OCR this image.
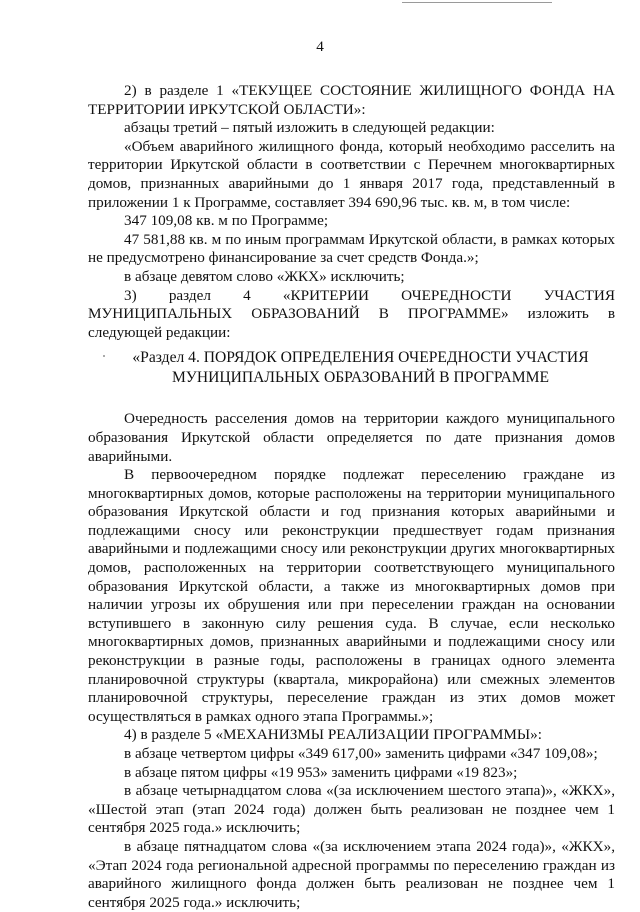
4

2) в разделе 1 «ТЕКУЩЕЕ СОСТОЯНИЕ ЖИЛИЩНОГО ФОНДА НА ТЕРРИТОРИИ ИРКУТСКОЙ ОБЛАСТИ»:

абзацы третий – пятый изложить в следующей редакции:

«Объем аварийного жилищного фонда, который необходимо расселить на территории Иркутской области в соответствии с Перечнем многоквартирных домов, признанных аварийными до 1 января 2017 года, представленный в приложении 1 к Программе, составляет 394 690,96 тыс. кв. м, в том числе:

347 109,08 кв. м по Программе;

47 581,88 кв. м по иным программам Иркутской области, в рамках которых не предусмотрено финансирование за счет средств Фонда.»;

в абзаце девятом слово «ЖКХ» исключить;

3) раздел 4 «КРИТЕРИИ ОЧЕРЕДНОСТИ УЧАСТИЯ МУНИЦИПАЛЬНЫХ ОБРАЗОВАНИЙ В ПРОГРАММЕ» изложить в следующей редакции:

«Раздел 4. ПОРЯДОК ОПРЕДЕЛЕНИЯ ОЧЕРЕДНОСТИ УЧАСТИЯ
МУНИЦИПАЛЬНЫХ ОБРАЗОВАНИЙ В ПРОГРАММЕ

Очередность расселения домов на территории каждого муниципального образования Иркутской области определяется по дате признания домов аварийными.

В первоочередном порядке подлежат переселению граждане из многоквартирных домов, которые расположены на территории муниципального образования Иркутской области и год признания которых аварийными и подлежащими сносу или реконструкции предшествует годам признания аварийными и подлежащими сносу или реконструкции других многоквартирных домов, расположенных на территории соответствующего муниципального образования Иркутской области, а также из многоквартирных домов при наличии угрозы их обрушения или при переселении граждан на основании вступившего в законную силу решения суда. В случае, если несколько многоквартирных домов, признанных аварийными и подлежащими сносу или реконструкции в разные годы, расположены в границах одного элемента планировочной структуры (квартала, микрорайона) или смежных элементов планировочной структуры, переселение граждан из этих домов может осуществляться в рамках одного этапа Программы.»;

4) в разделе 5 «МЕХАНИЗМЫ РЕАЛИЗАЦИИ ПРОГРАММЫ»:

в абзаце четвертом цифры «349 617,00» заменить цифрами «347 109,08»;

в абзаце пятом цифры «19 953» заменить цифрами «19 823»;

в абзаце четырнадцатом слова «(за исключением шестого этапа)», «ЖКХ», «Шестой этап (этап 2024 года) должен быть реализован не позднее чем 1 сентября 2025 года.» исключить;

в абзаце пятнадцатом слова «(за исключением этапа 2024 года)», «ЖКХ», «Этап 2024 года региональной адресной программы по переселению граждан из аварийного жилищного фонда должен быть реализован не позднее чем 1 сентября 2025 года.» исключить;
